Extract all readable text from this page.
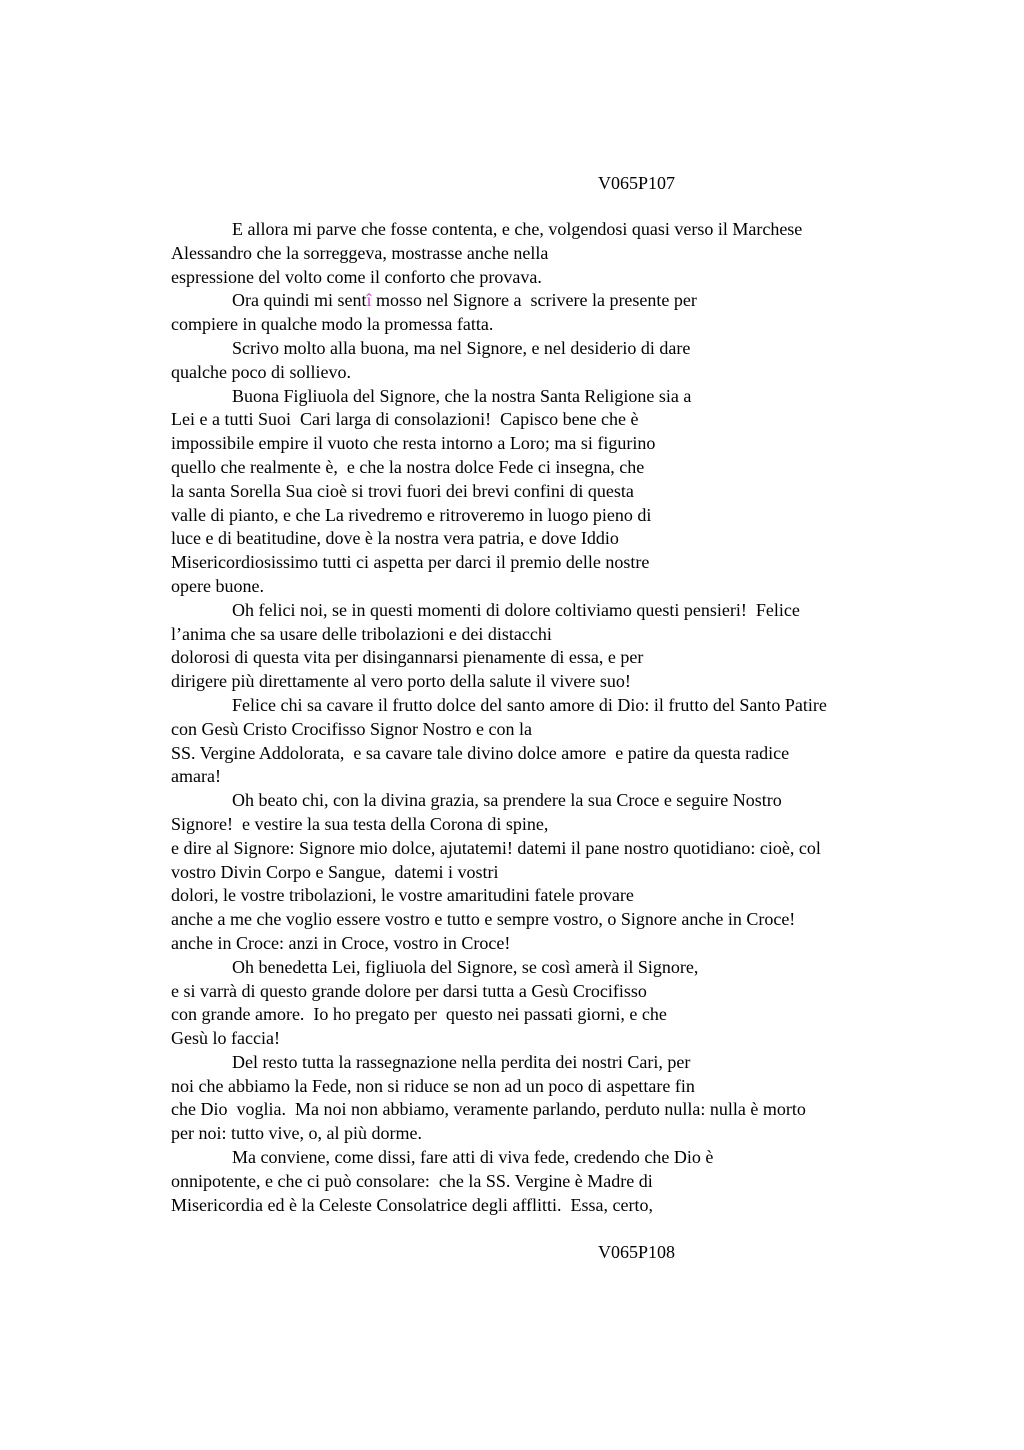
V065P107
E allora mi parve che fosse contenta, e che, volgendosi quasi verso il Marchese
Alessandro che la sorreggeva, mostrasse anche nella
espressione del volto come il conforto che provava.
Ora quindi mi sentî mosso nel Signore a  scrivere la presente per
compiere in qualche modo la promessa fatta.
Scrivo molto alla buona, ma nel Signore, e nel desiderio di dare
qualche poco di sollievo.
Buona Figliuola del Signore, che la nostra Santa Religione sia a
Lei e a tutti Suoi  Cari larga di consolazioni!  Capisco bene che è
impossibile empire il vuoto che resta intorno a Loro; ma si figurino
quello che realmente è,  e che la nostra dolce Fede ci insegna, che
la santa Sorella Sua cioè si trovi fuori dei brevi confini di questa
valle di pianto, e che La rivedremo e ritroveremo in luogo pieno di
luce e di beatitudine, dove è la nostra vera patria, e dove Iddio
Misericordiosissimo tutti ci aspetta per darci il premio delle nostre
opere buone.
Oh felici noi, se in questi momenti di dolore coltiviamo questi pensieri!  Felice
l’anima che sa usare delle tribolazioni e dei distacchi
dolorosi di questa vita per disingannarsi pienamente di essa, e per
dirigere più direttamente al vero porto della salute il vivere suo!
Felice chi sa cavare il frutto dolce del santo amore di Dio: il frutto del Santo Patire
con Gesù Cristo Crocifisso Signor Nostro e con la
SS. Vergine Addolorata,  e sa cavare tale divino dolce amore  e patire da questa radice
amara!
Oh beato chi, con la divina grazia, sa prendere la sua Croce e seguire Nostro
Signore!  e vestire la sua testa della Corona di spine,
e dire al Signore: Signore mio dolce, ajutatemi! datemi il pane nostro quotidiano: cioè, col
vostro Divin Corpo e Sangue,  datemi i vostri
dolori, le vostre tribolazioni, le vostre amaritudini fatele provare
anche a me che voglio essere vostro e tutto e sempre vostro, o Signore anche in Croce!
anche in Croce: anzi in Croce, vostro in Croce!
Oh benedetta Lei, figliuola del Signore, se così amerà il Signore,
e si varrà di questo grande dolore per darsi tutta a Gesù Crocifisso
con grande amore.  Io ho pregato per  questo nei passati giorni, e che
Gesù lo faccia!
Del resto tutta la rassegnazione nella perdita dei nostri Cari, per
noi che abbiamo la Fede, non si riduce se non ad un poco di aspettare fin
che Dio  voglia.  Ma noi non abbiamo, veramente parlando, perduto nulla: nulla è morto
per noi: tutto vive, o, al più dorme.
Ma conviene, come dissi, fare atti di viva fede, credendo che Dio è
onnipotente, e che ci può consolare:  che la SS. Vergine è Madre di
Misericordia ed è la Celeste Consolatrice degli afflitti.  Essa, certo,
V065P108
